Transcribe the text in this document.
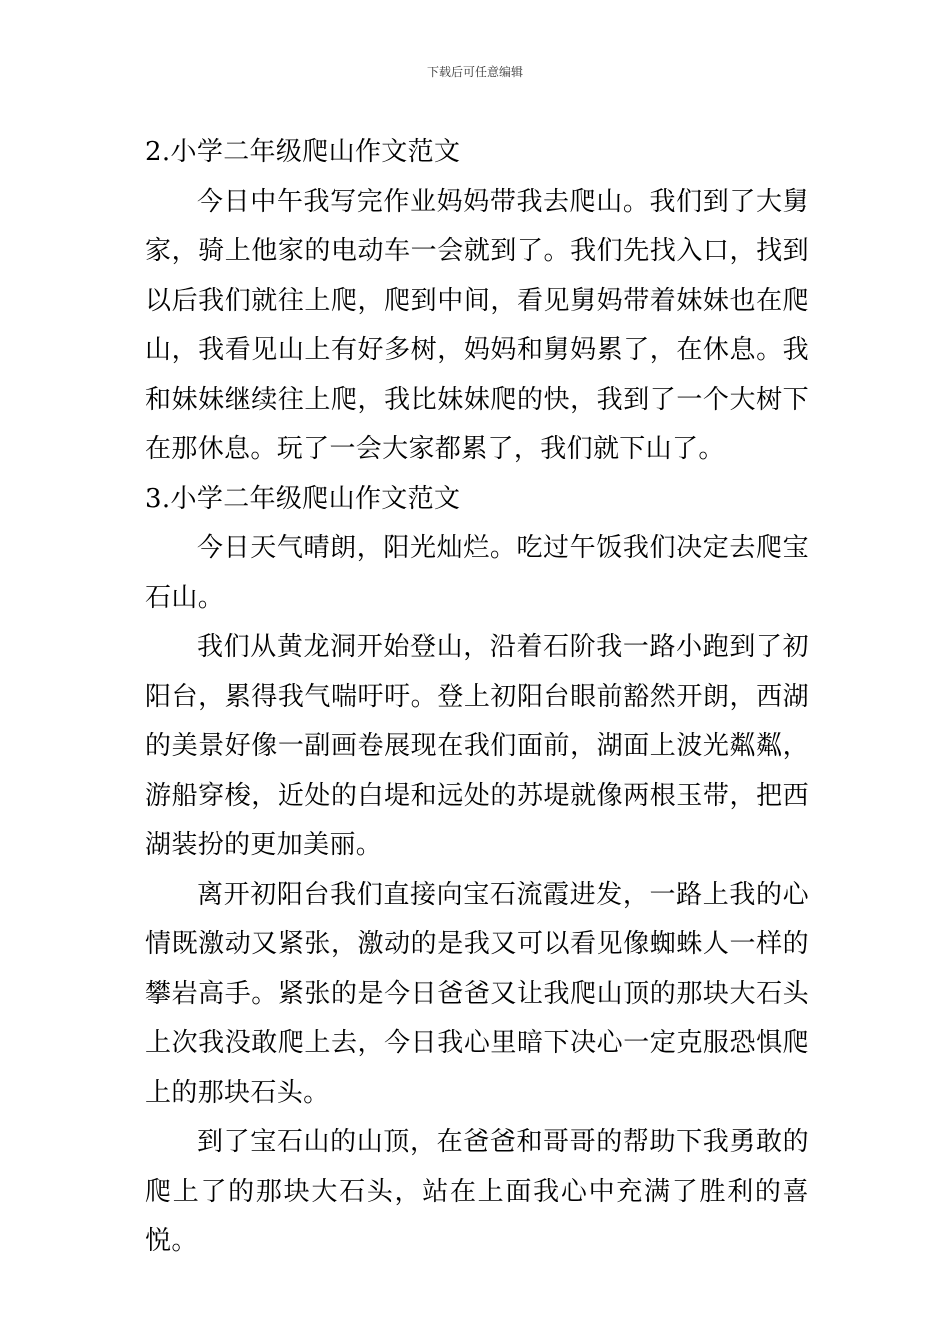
下载后可任意编辑

2.小学二年级爬山作文范文

今日中午我写完作业妈妈带我去爬山。我们到了大舅家，骑上他家的电动车一会就到了。我们先找入口，找到以后我们就往上爬，爬到中间，看见舅妈带着妹妹也在爬山，我看见山上有好多树，妈妈和舅妈累了，在休息。我和妹妹继续往上爬，我比妹妹爬的快，我到了一个大树下在那休息。玩了一会大家都累了，我们就下山了。

3.小学二年级爬山作文范文

今日天气晴朗，阳光灿烂。吃过午饭我们决定去爬宝石山。

我们从黄龙洞开始登山，沿着石阶我一路小跑到了初阳台，累得我气喘吁吁。登上初阳台眼前豁然开朗，西湖的美景好像一副画卷展现在我们面前，湖面上波光粼粼，游船穿梭，近处的白堤和远处的苏堤就像两根玉带，把西湖装扮的更加美丽。

离开初阳台我们直接向宝石流霞进发，一路上我的心情既激动又紧张，激动的是我又可以看见像蜘蛛人一样的攀岩高手。紧张的是今日爸爸又让我爬山顶的那块大石头上次我没敢爬上去，今日我心里暗下决心一定克服恐惧爬上的那块石头。

到了宝石山的山顶，在爸爸和哥哥的帮助下我勇敢的爬上了的那块大石头，站在上面我心中充满了胜利的喜悦。
